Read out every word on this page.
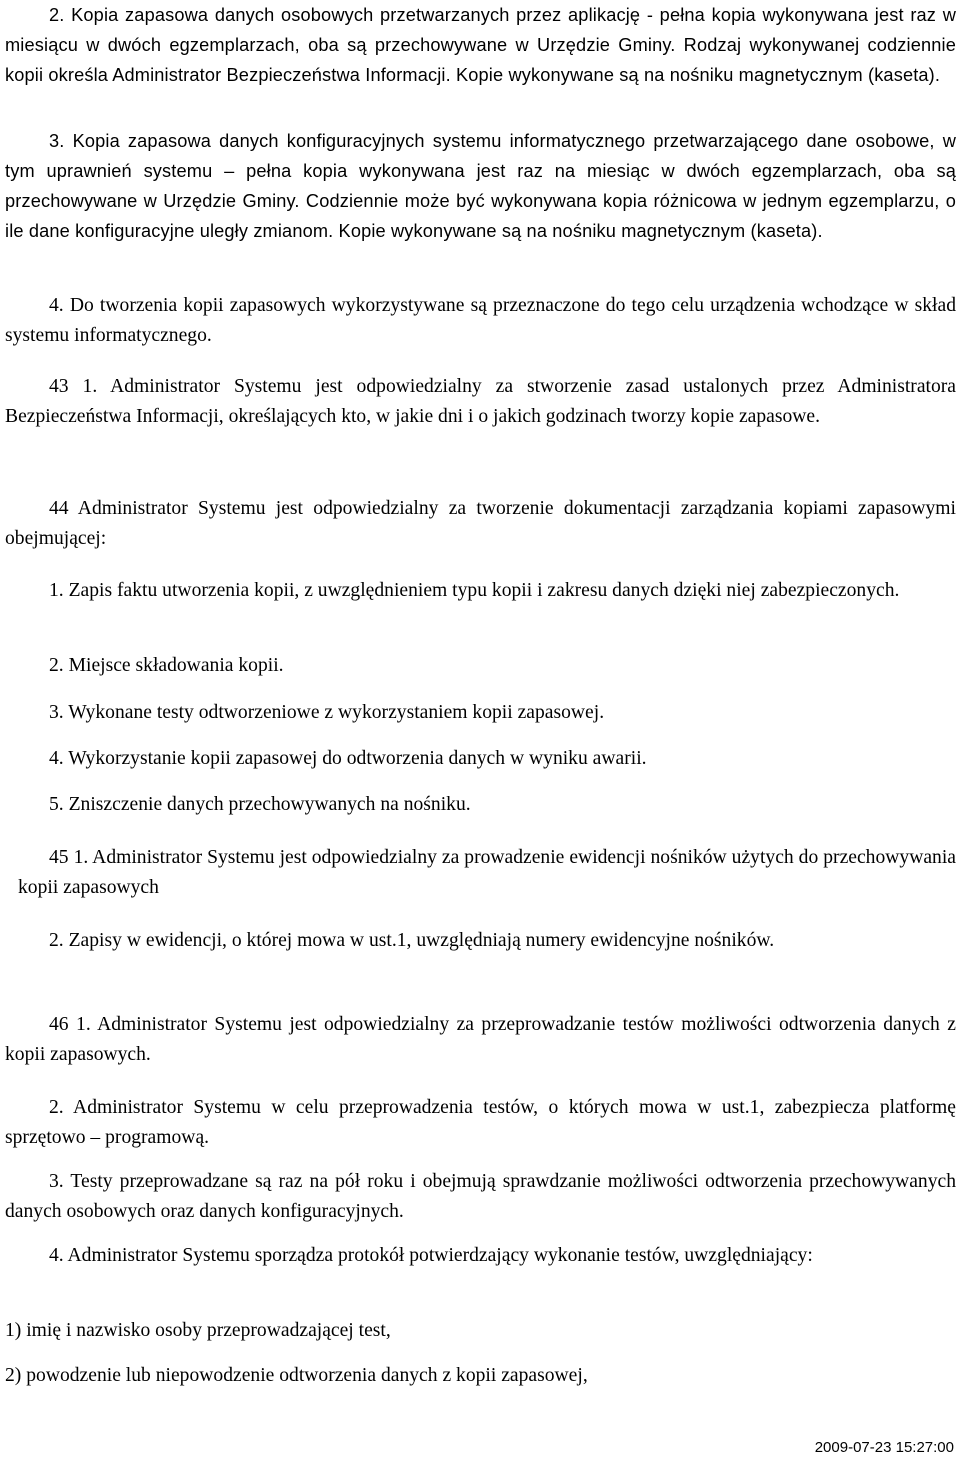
2. Kopia zapasowa danych osobowych przetwarzanych przez aplikację - pełna kopia wykonywana jest raz w miesiącu w dwóch egzemplarzach, oba są przechowywane w Urzędzie Gminy. Rodzaj wykonywanej codziennie kopii określa Administrator Bezpieczeństwa Informacji. Kopie wykonywane są na nośniku magnetycznym (kaseta).

3. Kopia zapasowa danych konfiguracyjnych systemu informatycznego przetwarzającego dane osobowe, w tym uprawnień systemu – pełna kopia wykonywana jest raz na miesiąc w dwóch egzemplarzach, oba są przechowywane w Urzędzie Gminy. Codziennie może być wykonywana kopia różnicowa w jednym egzemplarzu, o ile dane konfiguracyjne uległy zmianom. Kopie wykonywane są na nośniku magnetycznym (kaseta).

4. Do tworzenia kopii zapasowych wykorzystywane są przeznaczone do tego celu urządzenia wchodzące w skład systemu informatycznego.

43 1. Administrator Systemu jest odpowiedzialny za stworzenie zasad ustalonych przez Administratora Bezpieczeństwa Informacji, określających kto, w jakie dni i o jakich godzinach tworzy kopie zapasowe.

44 Administrator Systemu jest odpowiedzialny za tworzenie dokumentacji zarządzania kopiami zapasowymi obejmującej:

1. Zapis faktu utworzenia kopii, z uwzględnieniem typu kopii i zakresu danych dzięki niej zabezpieczonych.

2. Miejsce składowania kopii.

3. Wykonane testy odtworzeniowe z wykorzystaniem kopii zapasowej.

4. Wykorzystanie kopii zapasowej do odtworzenia danych w wyniku awarii.

5. Zniszczenie danych przechowywanych na nośniku.

45 1. Administrator Systemu jest odpowiedzialny za prowadzenie ewidencji nośników użytych do przechowywania kopii zapasowych

2. Zapisy w ewidencji, o której mowa w ust.1, uwzględniają numery ewidencyjne nośników.

46 1. Administrator Systemu jest odpowiedzialny za przeprowadzanie testów możliwości odtworzenia danych z kopii zapasowych.

2. Administrator Systemu w celu przeprowadzenia testów, o których mowa w ust.1, zabezpiecza platformę sprzętowo – programową.

3. Testy przeprowadzane są raz na pół roku i obejmują sprawdzanie możliwości odtworzenia przechowywanych danych osobowych oraz danych konfiguracyjnych.

4. Administrator Systemu sporządza protokół potwierdzający wykonanie testów, uwzględniający:

1) imię i nazwisko osoby przeprowadzającej test,

2) powodzenie lub niepowodzenie odtworzenia danych z kopii zapasowej,

2009-07-23 15:27:00
